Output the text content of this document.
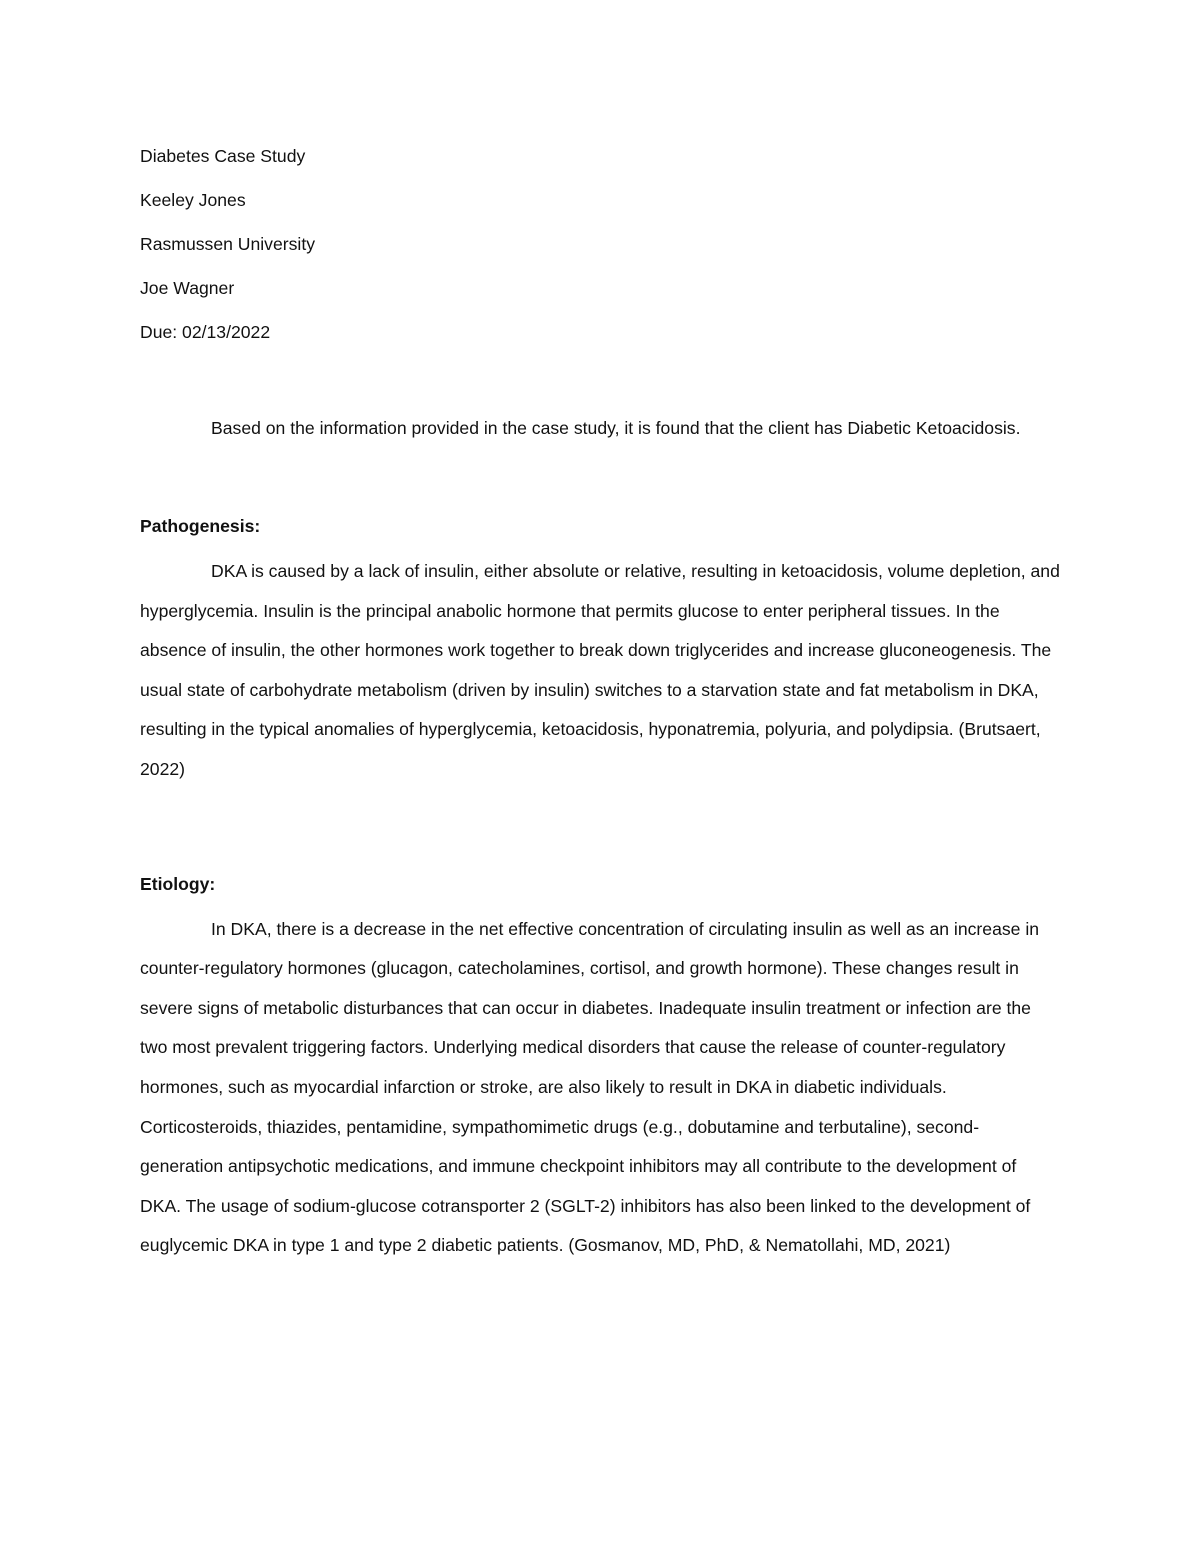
Diabetes Case Study

Keeley Jones

Rasmussen University

Joe Wagner

Due: 02/13/2022

Based on the information provided in the case study, it is found that the client has Diabetic Ketoacidosis.

Pathogenesis:

DKA is caused by a lack of insulin, either absolute or relative, resulting in ketoacidosis, volume depletion, and hyperglycemia. Insulin is the principal anabolic hormone that permits glucose to enter peripheral tissues. In the absence of insulin, the other hormones work together to break down triglycerides and increase gluconeogenesis. The usual state of carbohydrate metabolism (driven by insulin) switches to a starvation state and fat metabolism in DKA, resulting in the typical anomalies of hyperglycemia, ketoacidosis, hyponatremia, polyuria, and polydipsia. (Brutsaert, 2022)

Etiology:

In DKA, there is a decrease in the net effective concentration of circulating insulin as well as an increase in counter-regulatory hormones (glucagon, catecholamines, cortisol, and growth hormone). These changes result in severe signs of metabolic disturbances that can occur in diabetes. Inadequate insulin treatment or infection are the two most prevalent triggering factors. Underlying medical disorders that cause the release of counter-regulatory hormones, such as myocardial infarction or stroke, are also likely to result in DKA in diabetic individuals. Corticosteroids, thiazides, pentamidine, sympathomimetic drugs (e.g., dobutamine and terbutaline), second-generation antipsychotic medications, and immune checkpoint inhibitors may all contribute to the development of DKA. The usage of sodium-glucose cotransporter 2 (SGLT-2) inhibitors has also been linked to the development of euglycemic DKA in type 1 and type 2 diabetic patients. (Gosmanov, MD, PhD, & Nematollahi, MD, 2021)
